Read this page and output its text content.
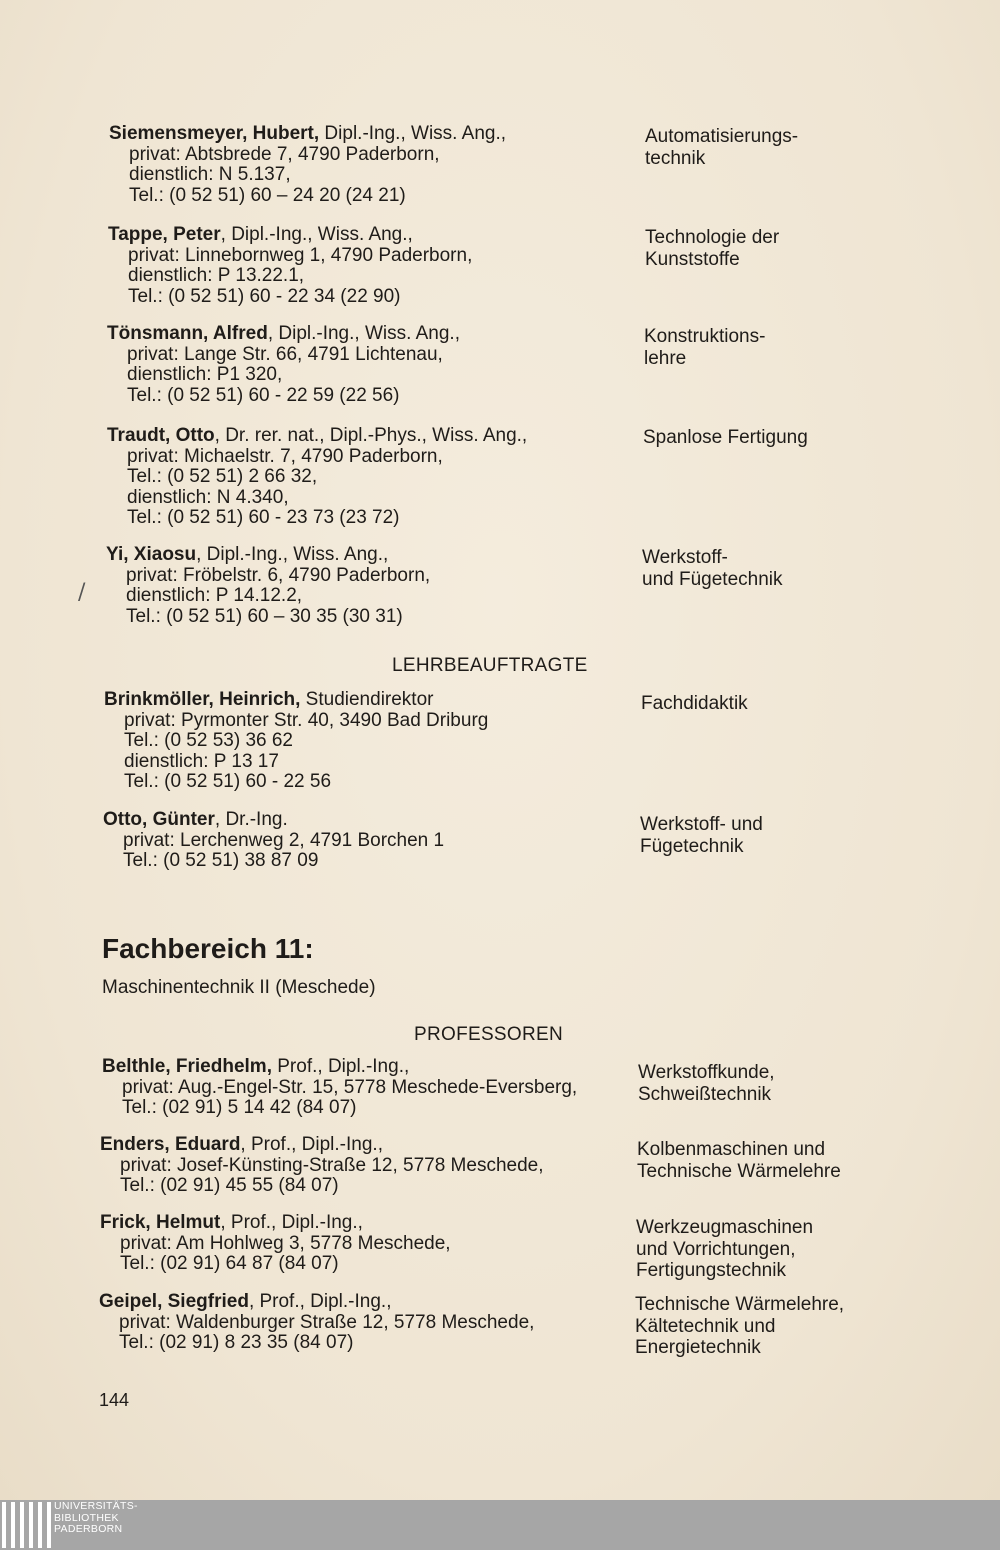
Siemensmeyer, Hubert, Dipl.-Ing., Wiss. Ang.,
privat: Abtsbrede 7, 4790 Paderborn,
dienstlich: N 5.137,
Tel.: (0 52 51) 60 – 24 20 (24 21)
Automatisierungs-
technik
Tappe, Peter, Dipl.-Ing., Wiss. Ang.,
privat: Linnebornweg 1, 4790 Paderborn,
dienstlich: P 13.22.1,
Tel.: (0 52 51) 60 - 22 34 (22 90)
Technologie der
Kunststoffe
Tönsmann, Alfred, Dipl.-Ing., Wiss. Ang.,
privat: Lange Str. 66, 4791 Lichtenau,
dienstlich: P1 320,
Tel.: (0 52 51) 60 - 22 59 (22 56)
Konstruktions-
lehre
Traudt, Otto, Dr. rer. nat., Dipl.-Phys., Wiss. Ang.,
privat: Michaelstr. 7, 4790 Paderborn,
Tel.: (0 52 51) 2 66 32,
dienstlich: N 4.340,
Tel.: (0 52 51) 60 - 23 73 (23 72)
Spanlose Fertigung
Yi, Xiaosu, Dipl.-Ing., Wiss. Ang.,
privat: Fröbelstr. 6, 4790 Paderborn,
dienstlich: P 14.12.2,
Tel.: (0 52 51) 60 – 30 35 (30 31)
Werkstoff-
und Fügetechnik
LEHRBEAUFTRAGTE
Brinkmöller, Heinrich, Studiendirektor
privat: Pyrmonter Str. 40, 3490 Bad Driburg
Tel.: (0 52 53) 36 62
dienstlich: P 13 17
Tel.: (0 52 51) 60 - 22 56
Fachdidaktik
Otto, Günter, Dr.-Ing.
privat: Lerchenweg 2, 4791 Borchen 1
Tel.: (0 52 51) 38 87 09
Werkstoff- und
Fügetechnik
Fachbereich 11:
Maschinentechnik II (Meschede)
PROFESSOREN
Belthle, Friedhelm, Prof., Dipl.-Ing.,
privat: Aug.-Engel-Str. 15, 5778 Meschede-Eversberg,
Tel.: (02 91) 5 14 42 (84 07)
Werkstoffkunde,
Schweißtechnik
Enders, Eduard, Prof., Dipl.-Ing.,
privat: Josef-Künsting-Straße 12, 5778 Meschede,
Tel.: (02 91) 45 55 (84 07)
Kolbenmaschinen und
Technische Wärmelehre
Frick, Helmut, Prof., Dipl.-Ing.,
privat: Am Hohlweg 3, 5778 Meschede,
Tel.: (02 91) 64 87 (84 07)
Werkzeugmaschinen
und Vorrichtungen,
Fertigungstechnik
Geipel, Siegfried, Prof., Dipl.-Ing.,
privat: Waldenburger Straße 12, 5778 Meschede,
Tel.: (02 91) 8 23 35 (84 07)
Technische Wärmelehre,
Kältetechnik und
Energietechnik
/
144
UNIVERSITÄTS-
BIBLIOTHEK
PADERBORN
